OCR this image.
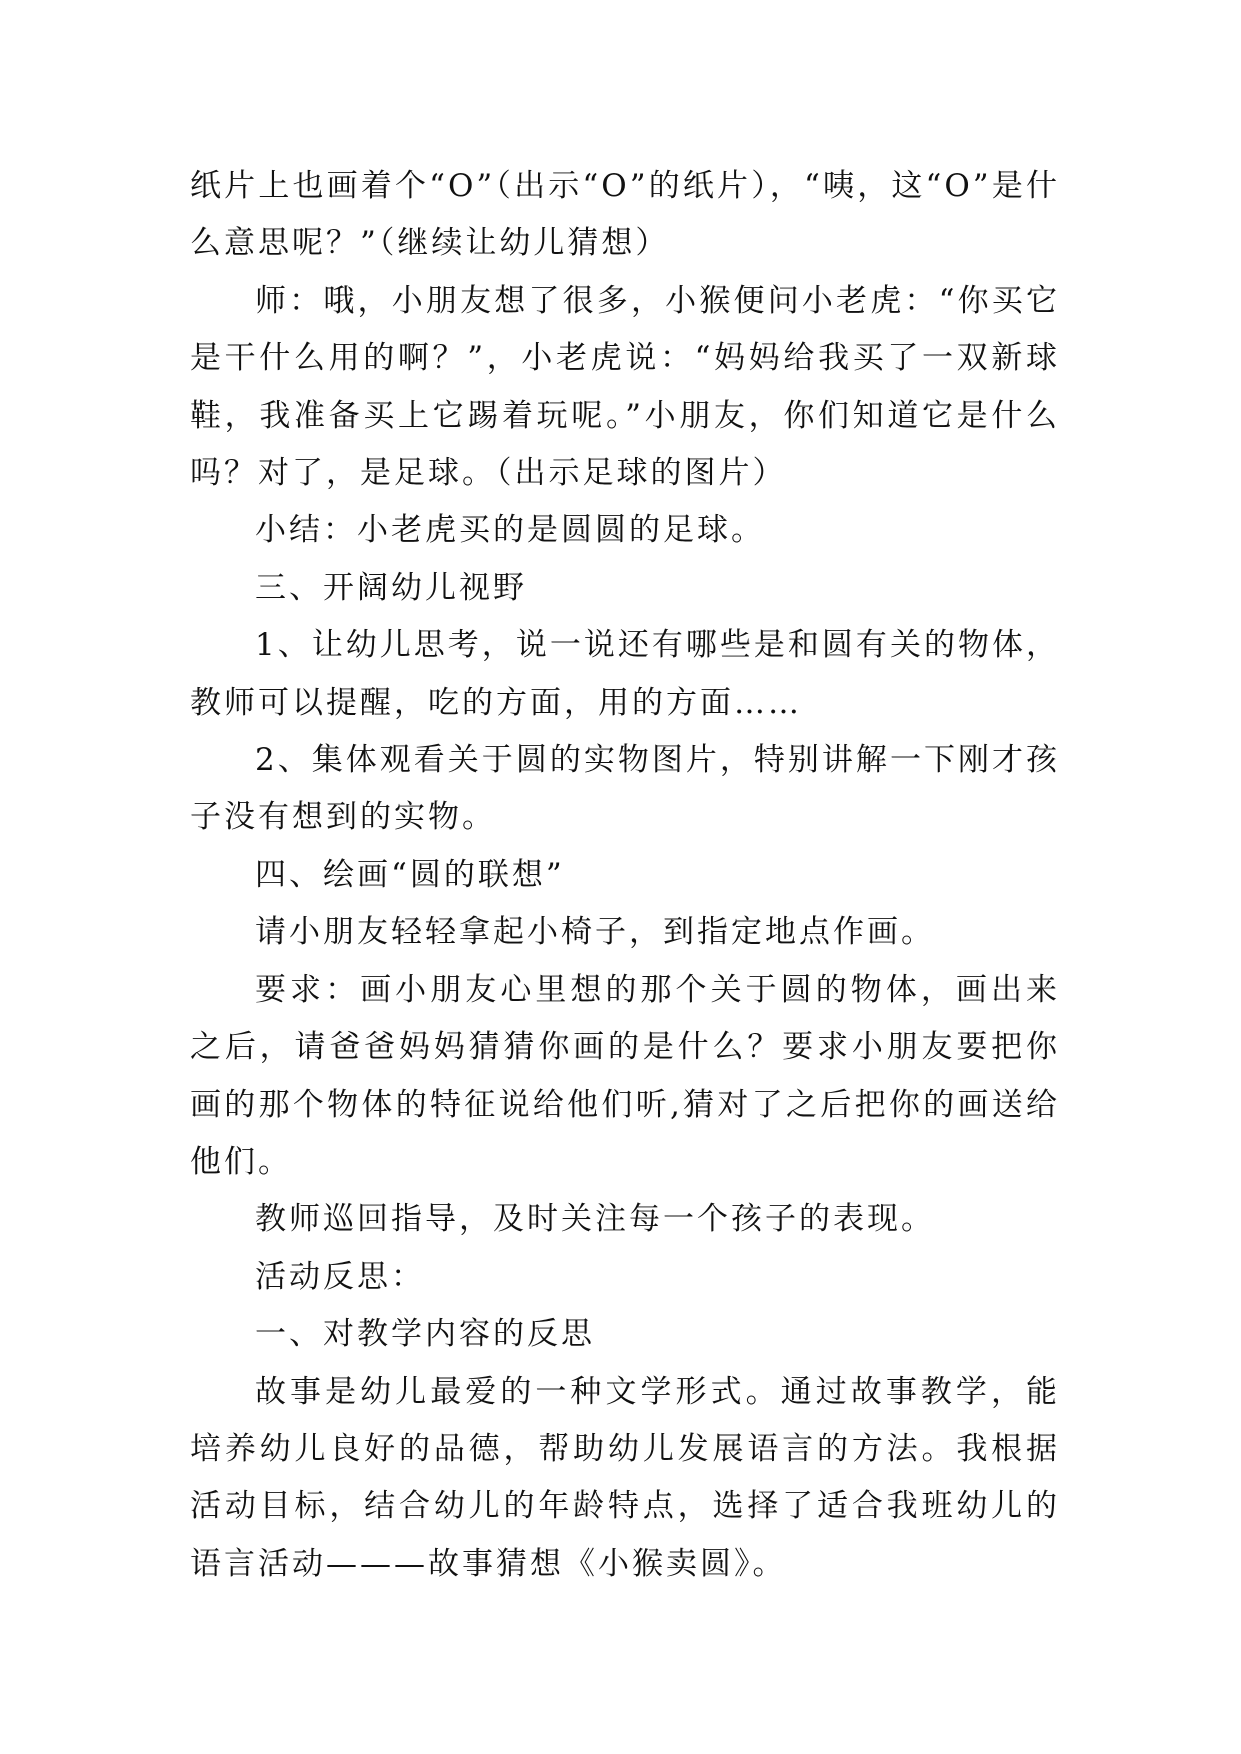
纸片上也画着个“O”（出示“O”的纸片），“咦，这“O”是什么意思呢？”（继续让幼儿猜想）

师：哦，小朋友想了很多，小猴便问小老虎：“你买它是干什么用的啊？”，小老虎说：“妈妈给我买了一双新球鞋，我准备买上它踢着玩呢。”小朋友，你们知道它是什么吗？对了，是足球。（出示足球的图片）

小结：小老虎买的是圆圆的足球。

三、开阔幼儿视野

1、让幼儿思考，说一说还有哪些是和圆有关的物体，教师可以提醒，吃的方面，用的方面……

2、集体观看关于圆的实物图片，特别讲解一下刚才孩子没有想到的实物。

四、绘画“圆的联想”

请小朋友轻轻拿起小椅子，到指定地点作画。

要求：画小朋友心里想的那个关于圆的物体，画出来之后，请爸爸妈妈猜猜你画的是什么？要求小朋友要把你画的那个物体的特征说给他们听,猜对了之后把你的画送给他们。

教师巡回指导，及时关注每一个孩子的表现。

活动反思：

一、对教学内容的反思

故事是幼儿最爱的一种文学形式。通过故事教学，能培养幼儿良好的品德，帮助幼儿发展语言的方法。我根据活动目标，结合幼儿的年龄特点，选择了适合我班幼儿的语言活动———故事猜想《小猴卖圆》。
